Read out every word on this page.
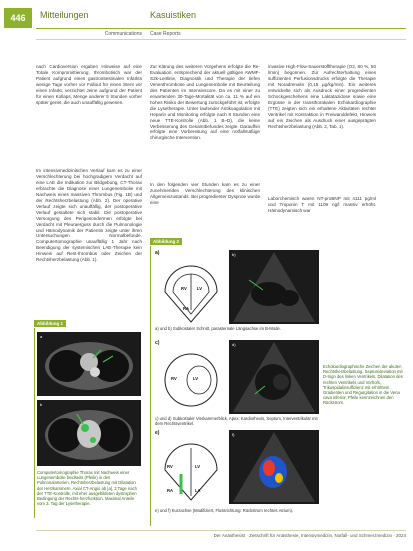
446	Mitteilungen	Kasuistiken
Communications Case Reports

nach Cardioversion ergaben Hinweise auf eine Totale Kompromittierung, thrombotisch war der Patient aufgrund eines gastrointestinalen Infarkts wenige Tage vorher vor Fallout für einen Stent vor einen Infarkt, verzichtet Jeine aufgrund der Patient für einen Kollaps, Menge anderer 5 Stunden vorher später geriet, die auch unauffällig gewesen.

Im intensivmedizinischen Verlauf kam es zu einer Verschlechterung bei hochgradigem Verdacht auf eine LAE die Indikation zur Bildgebung, CT-Thorax erbrachte die Diagnose einer Lungenembolie mit Nachweis eines massiven Thrombus (Fig. 1B) und der Rechtsherzbelastung (Abb. 2). Der operative Verlauf zeigte sich unauffällig, der postoperative Verlauf gestaltete sich stabil. Die postoperative Versorgung des Perigesondermen erfolgte bei Verdacht mit Pleuraerguss durch die Pulmonologie und Hämodynamik der Patientin zeigte unter ihren Untersuchungen Normalbefunde. Computertomographie unauffällig 1 Jahr nach Beendigung der systemischen LAE-Therapie kein Hinweis auf Rest-thrombus oder Zeichen der Rechtsherzbelastung (Abb. 1).

Zur Klärung des weiteren Vorgehens erfolgte die Re-Evaluation, entsprechend der aktuell gültigen AWMF-S2k-Leitlinie, Diagnostik und Therapie der tiefen Venenthrombose und Lungenembolie mit Beurteilung des Patienten im Intensivscore. Da es mit einer zu erwartenden 30-Tage-Mortalität von ca. 11 % auf ein hohes Risiko der Bewertung zurückgeführt ist, erfolgte die Lysetherapie. Unter laufender Antikoagulation mit Heparin und Monitoring erfolgte nach 8 Stunden eine neue TTE-Kontrolle (Abb. 1 B–D), die keine Verbesserung des Gesamtbefundes zeigte. Daraufhin erfolgte eine Vorbereitung auf eine notfallmäßige chirurgische Intervention.

In den folgenden vier Stunden kam es zu einer zunehmenden Verschlechterung des klinischen Allgemeinzustands. Bei progredienter Dyspnoe wurde eine

invasive High-Flow-Sauerstofftherapie (O2, 80 %, 50 l/min) begonnen. Zur Aufrechterhaltung eines suffizienten Perfusionsdrucks erfolgte die Therapie mit Noradrenalin (0,15 µg/kg/min). Ein weiteres entwickelte sich als Ausdruck einer progredienten Schockgeschehens eine Laktatazidose sowie eine Ergüsse in der transthorakalen Echokardiographie (TTE) zeigten sich ein erhaltene Aktivitäten rechter Ventrikel mit Kontraktion in Freiwanddefekt, Hinweis auf ein Zeichen als Ausdruck einer ausgeprägten Rechtsherzbelastung (Abb. 2, Tab. 1).

Laborchemisch waren NT-proBNP mit 4111 pg/ml und Troponin T mit 1109 ng/l massiv erhöht. Hämodynamisch war

Abbildung 1
a
b
Computertomographie Thorax mit Nachweis einer Lungenembolie beidseits (Pfeile) in den Pulmonalarterien. Rechtsherzbelastung mit Dilatation der Herzkammern. Axial CT-Angio ab [a], 2 Tage nach der TTE-Kontrolle, mit eher ausgebildeten dystrophen Bedingung der Rechts-herzfunktion. Maximal Anteile vom 3. Tag der Lysetherapie.
Abbildung 2
a)
RV LV
RA
b)
a) und b) Subkostaler Schnitt, parasternale Längsachse im B-Mode.
c)
RV	LV
d)
c) und d) Subkostaler Vierkammerblick, Apex: Kardiorhexis, Septum, Interventrikulär mit dem Rechtsventrikel.
e)
RV	LV
RA	LA
f)
e) und f) Kurzachse (Modifiziert, Flussrichtung: Rückstrom rechtes Atrium).
Echokardiographische Zeichen der akuten Rechtsherzbelastung. Septumdeviation mit D-Sign des linken Ventrikels, Dilatation des rechten Ventrikels und Vorhofs, Trikuspidalinsuffizienz mit erhöhtem Gradienten und Regurgitation in die Vena cava inferior. Pfeile kennzeichnen den Rückstrom.
Der Anästhesist · Zeitschrift für Anästhesie, Intensivmedizin, Notfall- und Schmerzmedizin · 2024
